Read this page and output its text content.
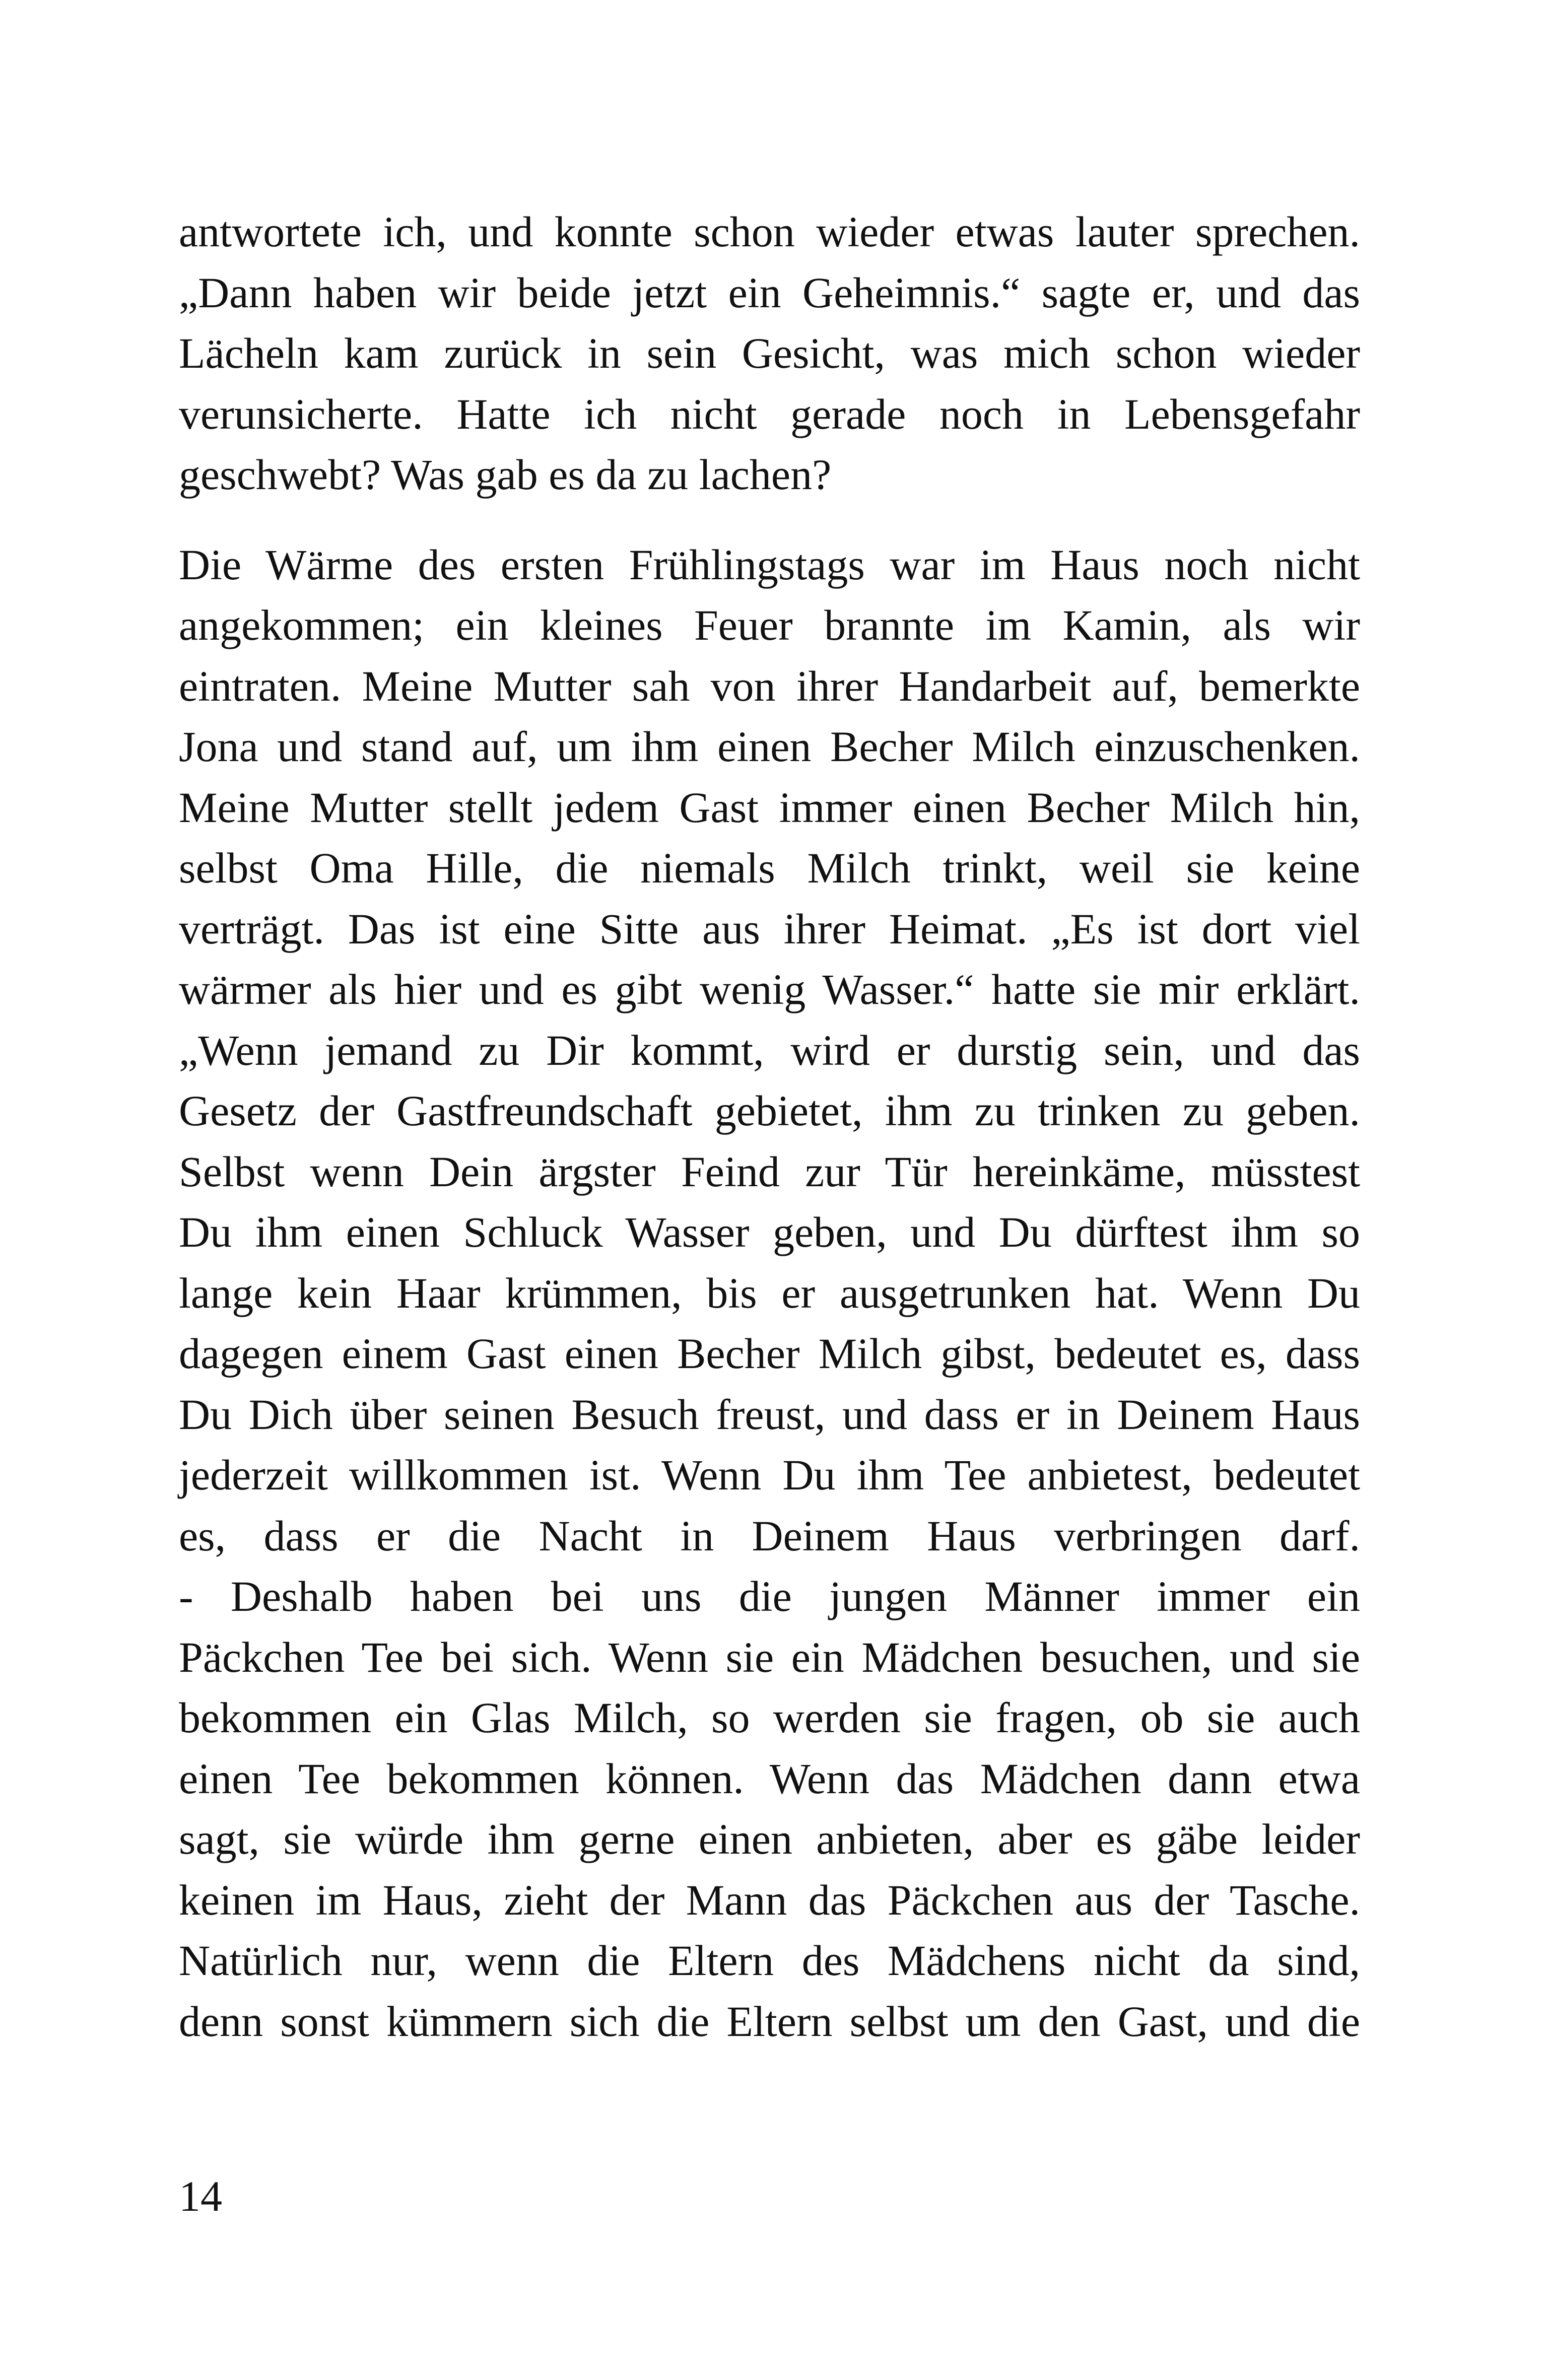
antwortete ich, und konnte schon wieder etwas lauter sprechen.
„Dann haben wir beide jetzt ein Geheimnis.“ sagte er, und das
Lächeln kam zurück in sein Gesicht, was mich schon wieder
verunsicherte. Hatte ich nicht gerade noch in Lebensgefahr
geschwebt? Was gab es da zu lachen?
Die Wärme des ersten Frühlingstags war im Haus noch nicht
angekommen; ein kleines Feuer brannte im Kamin, als wir
eintraten. Meine Mutter sah von ihrer Handarbeit auf, bemerkte
Jona und stand auf, um ihm einen Becher Milch einzuschenken.
Meine Mutter stellt jedem Gast immer einen Becher Milch hin,
selbst Oma Hille, die niemals Milch trinkt, weil sie keine
verträgt. Das ist eine Sitte aus ihrer Heimat. „Es ist dort viel
wärmer als hier und es gibt wenig Wasser.“ hatte sie mir erklärt.
„Wenn jemand zu Dir kommt, wird er durstig sein, und das
Gesetz der Gastfreundschaft gebietet, ihm zu trinken zu geben.
Selbst wenn Dein ärgster Feind zur Tür hereinkäme, müsstest
Du ihm einen Schluck Wasser geben, und Du dürftest ihm so
lange kein Haar krümmen, bis er ausgetrunken hat. Wenn Du
dagegen einem Gast einen Becher Milch gibst, bedeutet es, dass
Du Dich über seinen Besuch freust, und dass er in Deinem Haus
jederzeit willkommen ist. Wenn Du ihm Tee anbietest, bedeutet
es, dass er die Nacht in Deinem Haus verbringen darf.
- Deshalb haben bei uns die jungen Männer immer ein
Päckchen Tee bei sich. Wenn sie ein Mädchen besuchen, und sie
bekommen ein Glas Milch, so werden sie fragen, ob sie auch
einen Tee bekommen können. Wenn das Mädchen dann etwa
sagt, sie würde ihm gerne einen anbieten, aber es gäbe leider
keinen im Haus, zieht der Mann das Päckchen aus der Tasche.
Natürlich nur, wenn die Eltern des Mädchens nicht da sind,
denn sonst kümmern sich die Eltern selbst um den Gast, und die
14
